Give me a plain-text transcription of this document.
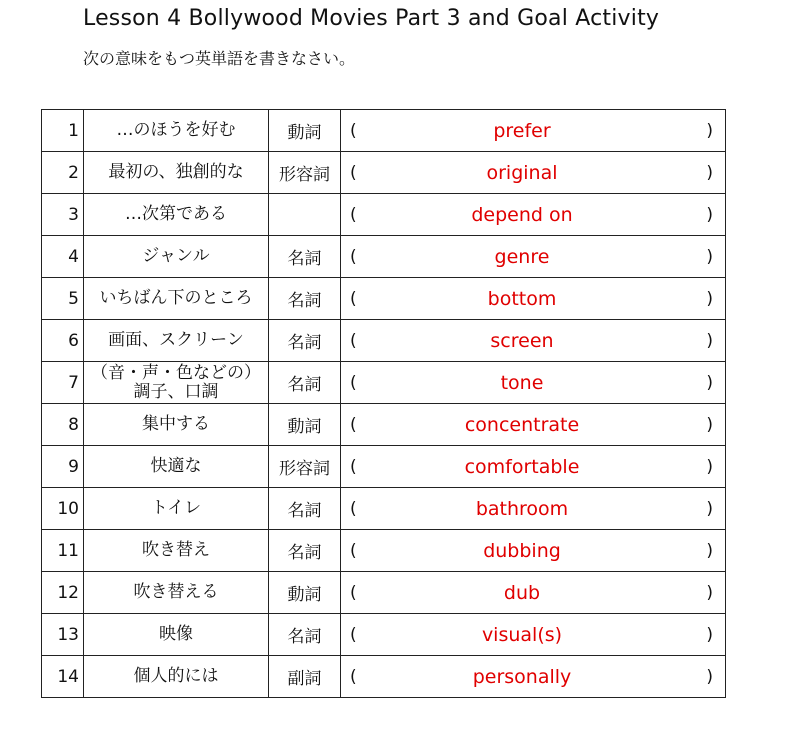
Lesson 4 Bollywood Movies Part 3 and Goal Activity
次の意味をもつ英単語を書きなさい。
1	…のほうを好む	動詞	( prefer )

2	最初の、独創的な	形容詞	( original )

3	…次第である		( depend on )

4	ジャンル	名詞	( genre )

5	いちばん下のところ	名詞	( bottom )

6	画面、スクリーン	名詞	( screen )

7	（音・声・色などの）調子、口調	名詞	( tone )

8	集中する	動詞	( concentrate )

9	快適な	形容詞	( comfortable )

10	トイレ	名詞	( bathroom )

11	吹き替え	名詞	( dubbing )

12	吹き替える	動詞	( dub )

13	映像	名詞	( visual(s) )

14	個人的には	副詞	( personally )
